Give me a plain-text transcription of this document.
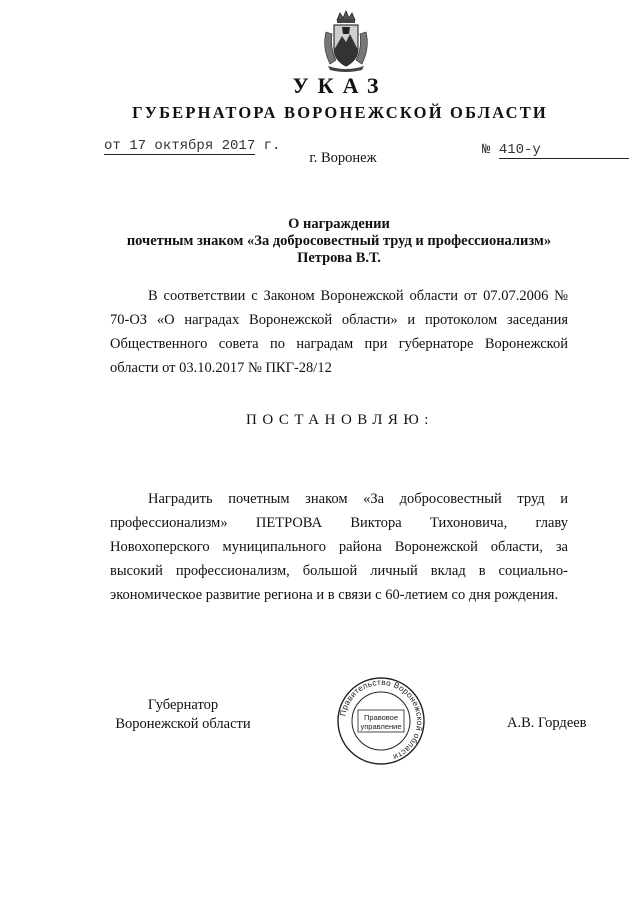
УКАЗ
ГУБЕРНАТОРА ВОРОНЕЖСКОЙ ОБЛАСТИ
от 17 октября 2017 г.	№ 410-у
г. Воронеж
О награждении
почетным знаком «За добросовестный труд и профессионализм»
Петрова В.Т.
В соответствии с Законом Воронежской области от 07.07.2006 № 70-ОЗ «О наградах Воронежской области» и протоколом заседания Общественного совета по наградам при губернаторе Воронежской области от 03.10.2017 № ПКГ-28/12
ПОСТАНОВЛЯЮ:
Наградить почетным знаком «За добросовестный труд и профессионализм» ПЕТРОВА Виктора Тихоновича, главу Новохоперского муниципального района Воронежской области, за высокий профессионализм, большой личный вклад в социально-экономическое развитие региона и в связи с 60-летием со дня рождения.
Губернатор
Воронежской области
Правительство Воронежской области
Правовое
управление	А.В. Гордеев
